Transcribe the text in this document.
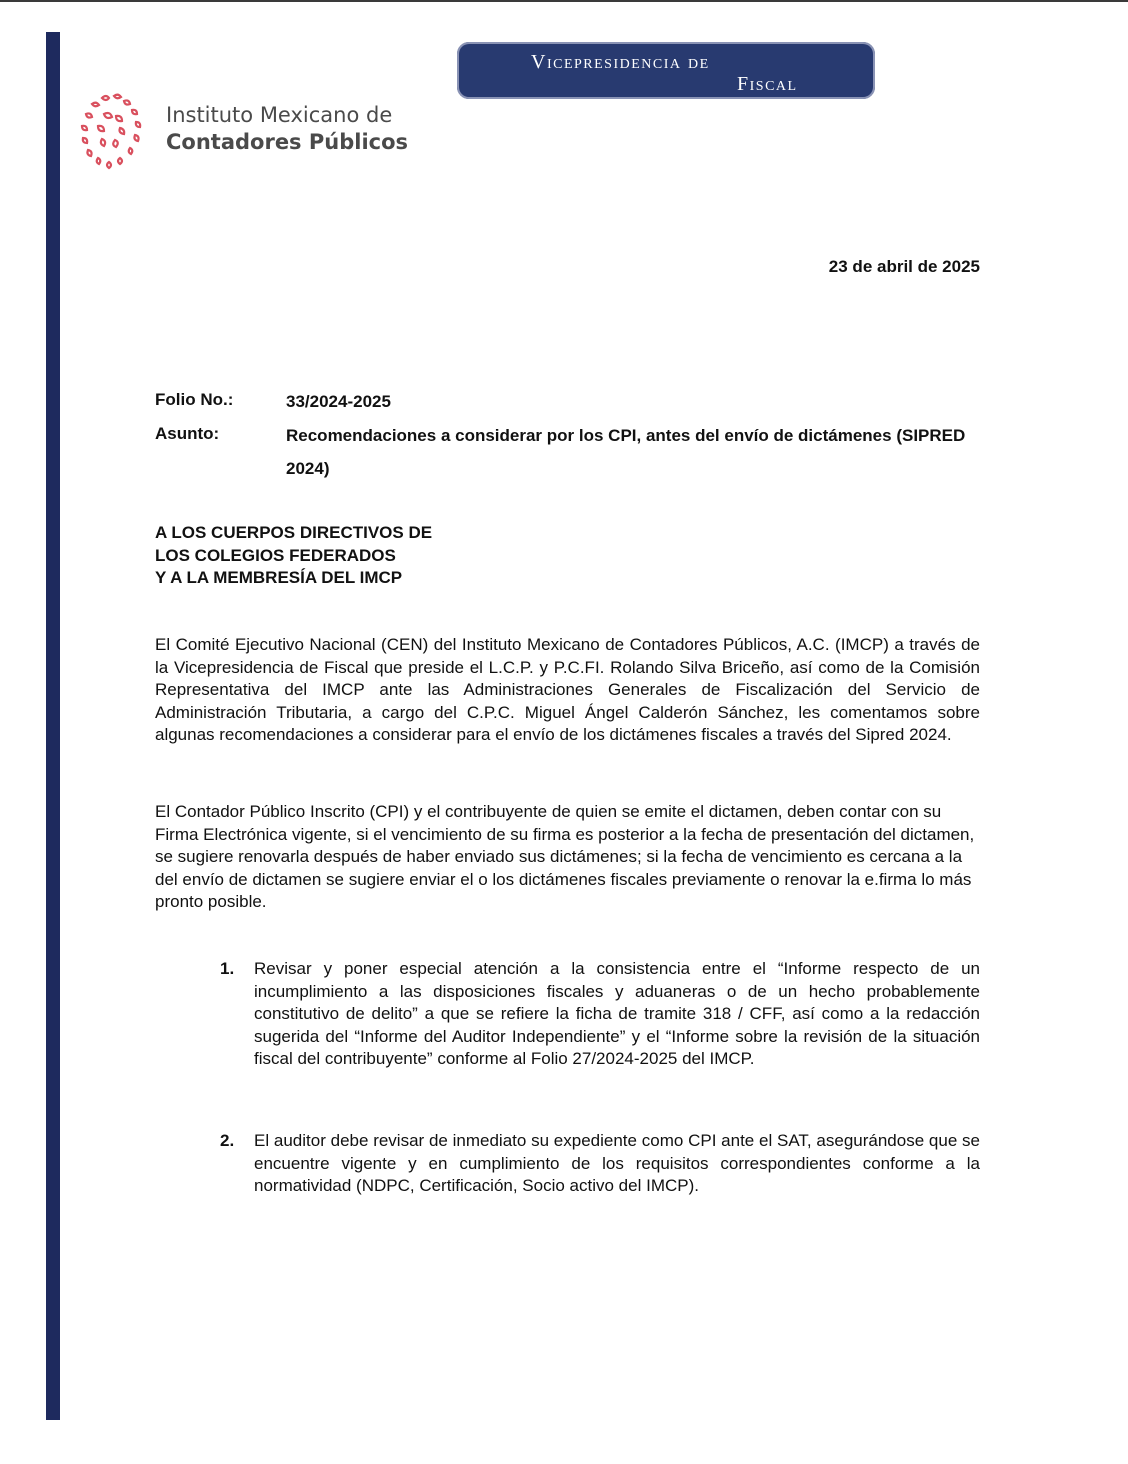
Vicepresidencia de
Fiscal
Instituto Mexicano de
Contadores Públicos
23 de abril de 2025
Folio No.:	33/2024-2025
Asunto:	Recomendaciones a considerar por los CPI, antes del envío de dictámenes (SIPRED 2024)
A LOS CUERPOS DIRECTIVOS DE
LOS COLEGIOS FEDERADOS
Y A LA MEMBRESÍA DEL IMCP
El Comité Ejecutivo Nacional (CEN) del Instituto Mexicano de Contadores Públicos, A.C. (IMCP) a través de la Vicepresidencia de Fiscal que preside el L.C.P. y P.C.FI. Rolando Silva Briceño, así como de la Comisión Representativa del IMCP ante las Administraciones Generales de Fiscalización del Servicio de Administración Tributaria, a cargo del C.P.C. Miguel Ángel Calderón Sánchez, les comentamos sobre algunas recomendaciones a considerar para el envío de los dictámenes fiscales a través del Sipred 2024.
El Contador Público Inscrito (CPI) y el contribuyente de quien se emite el dictamen, deben contar con su Firma Electrónica vigente, si el vencimiento de su firma es posterior a la fecha de presentación del dictamen, se sugiere renovarla después de haber enviado sus dictámenes; si la fecha de vencimiento es cercana a la del envío de dictamen se sugiere enviar el o los dictámenes fiscales previamente o renovar la e.firma lo más pronto posible.
1. Revisar y poner especial atención a la consistencia entre el “Informe respecto de un incumplimiento a las disposiciones fiscales y aduaneras o de un hecho probablemente constitutivo de delito” a que se refiere la ficha de tramite 318 / CFF, así como a la redacción sugerida del “Informe del Auditor Independiente” y el “Informe sobre la revisión de la situación fiscal del contribuyente” conforme al Folio 27/2024-2025 del IMCP.
2. El auditor debe revisar de inmediato su expediente como CPI ante el SAT, asegurándose que se encuentre vigente y en cumplimiento de los requisitos correspondientes conforme a la normatividad (NDPC, Certificación, Socio activo del IMCP).
